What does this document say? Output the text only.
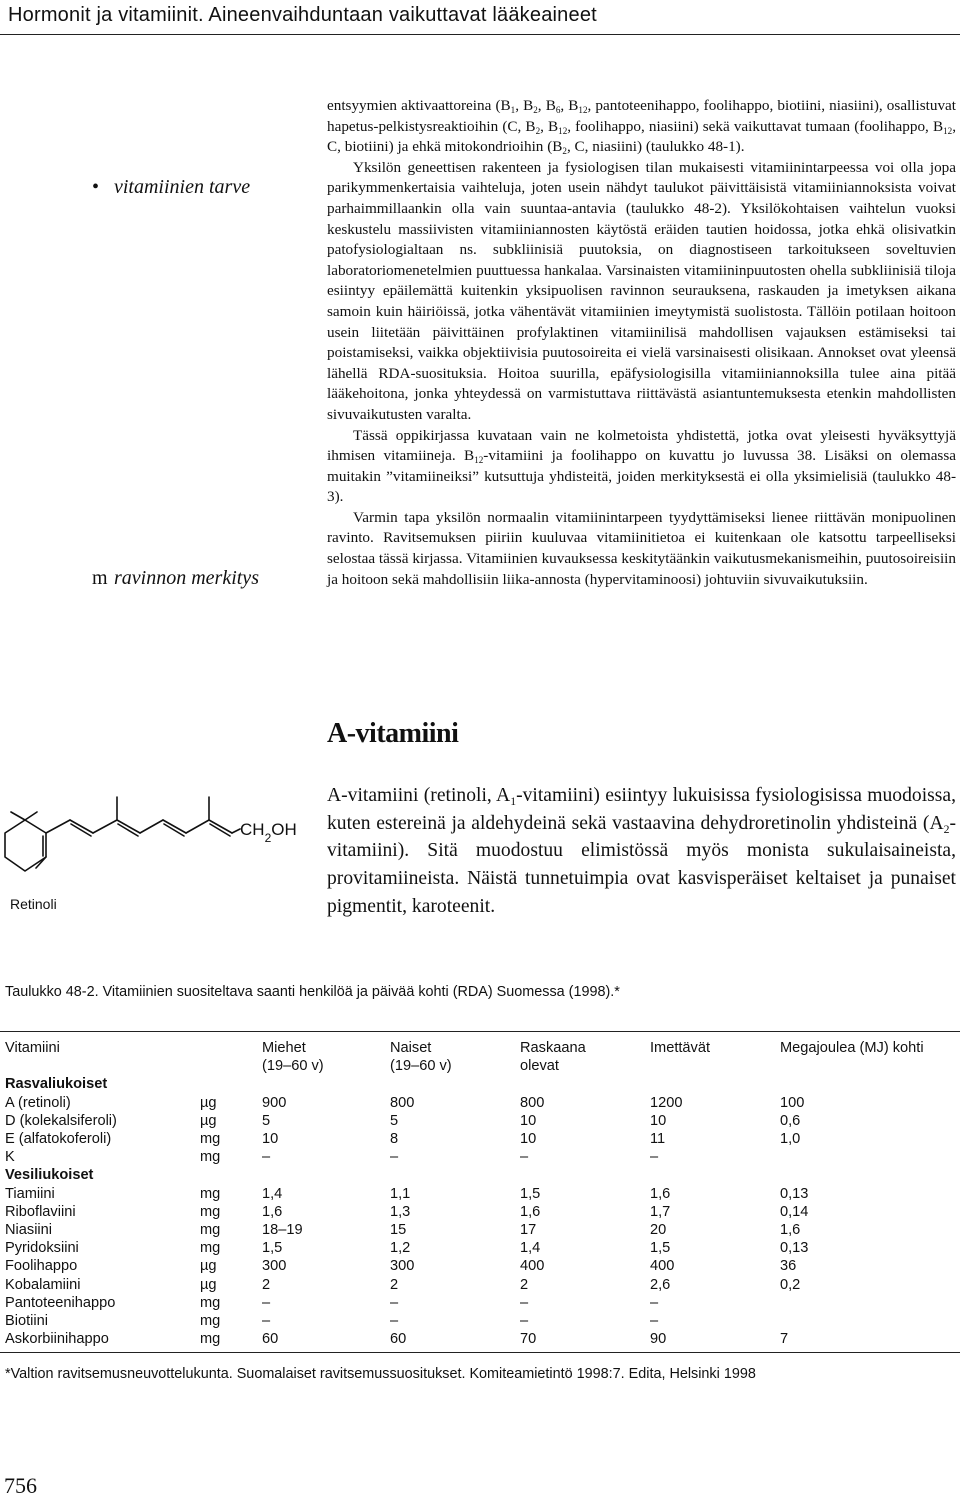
Hormonit ja vitamiinit. Aineenvaihduntaan vaikuttavat lääkeaineet
• vitamiinien tarve
m ravinnon merkitys

entsyymien aktivaattoreina ($B_1$, $B_2$, $B_6$, $B_{12}$, pantoteenihappo, foolihappo, biotiini, niasiini), osallistuvat hapetus-pelkistysreaktioihin (C, $B_2$, $B_{12}$, foolihappo, niasiini) sekä vaikuttavat tumaan (foolihappo, $B_{12}$, C, biotiini) ja ehkä mitokondrioihin ($B_2$, C, niasiini) (taulukko 48-1).

Yksilön geneettisen rakenteen ja fysiologisen tilan mukaisesti vitamiinintarpeessa voi olla jopa parikymmenkertaisia vaihteluja, joten usein nähdyt taulukot päivittäisistä vitamiiniannoksista voivat parhaimmillaankin olla vain suuntaa-antavia (taulukko 48-2). Yksilökohtaisen vaihtelun vuoksi keskustelu massiivisten vitamiiniannosten käytöstä eräiden tautien hoidossa, jotka ehkä olisivatkin patofysiologialtaan ns. subkliinisiä puutoksia, on diagnostiseen tarkoitukseen soveltuvien laboratoriomenetelmien puuttuessa hankalaa. Varsinaisten vitamiininpuutosten ohella subkliinisiä tiloja esiintyy epäilemättä kuitenkin yksipuolisen ravinnon seurauksena, raskauden ja imetyksen aikana samoin kuin häiriöissä, jotka vähentävät vitamiinien imeytymistä suolistosta. Tällöin potilaan hoitoon usein liitetään päivittäinen profylaktinen vitamiinilisä mahdollisen vajauksen estämiseksi tai poistamiseksi, vaikka objektiivisia puutosoireita ei vielä varsinaisesti olisikaan. Annokset ovat yleensä lähellä RDA-suosituksia. Hoitoa suurilla, epäfysiologisilla vitamiiniannoksilla tulee aina pitää lääkehoitona, jonka yhteydessä on varmistuttava riittävästä asiantuntemuksesta etenkin mahdollisten sivuvaikutusten varalta.

Tässä oppikirjassa kuvataan vain ne kolmetoista yhdistettä, jotka ovat yleisesti hyväksyttyjä ihmisen vitamiineja. $B_{12}$-vitamiini ja foolihappo on kuvattu jo luvussa 38. Lisäksi on olemassa muitakin ”vitamiineiksi” kutsuttuja yhdisteitä, joiden merkityksestä ei olla yksimielisiä (taulukko 48-3).

Varmin tapa yksilön normaalin vitamiinintarpeen tyydyttämiseksi lienee riittävän monipuolinen ravinto. Ravitsemuksen piiriin kuuluvaa vitamiinitietoa ei kuitenkaan ole katsottu tarpeelliseksi selostaa tässä kirjassa. Vitamiinien kuvauksessa keskitytäänkin vaikutusmekanismeihin, puutosoireisiin ja hoitoon sekä mahdollisiin liika-annosta (hypervitaminoosi) johtuviin sivuvaikutuksiin.

A-vitamiini
$CH_2OH$
Retinoli

A-vitamiini (retinoli, $A_1-vitamiini$) esiintyy lukuisissa fysiologisissa muodoissa, kuten estereinä ja aldehydeinä sekä vastaavina dehydroretinolin yhdisteinä $(A_2-vitamiini)$. Sitä muodostuu elimistössä myös monista sukulaisaineista, provitamiineista. Näistä tunnetuimpia ovat kasvisperäiset keltaiset ja punaiset pigmentit, karoteenit.

Taulukko 48-2. Vitamiinien suositeltava saanti henkilöä ja päivää kohti (RDA) Suomessa (1998).*
Vitamiini		Miehet	Naiset	Raskaana	Imettävät	Megajoulea (MJ) kohti
		(19–60 v)	(19–60 v)	olevat		
Rasvaliukoiset						
A (retinoli)	µg	900	800	800	1200	100
D (kolekalsiferoli)	µg	5	5	10	10	0,6
E (alfatokoferoli)	mg	10	8	10	11	1,0
K	mg	–	–	–	–	
Vesiliukoiset						
Tiamiini	mg	1,4	1,1	1,5	1,6	0,13
Riboflaviini	mg	1,6	1,3	1,6	1,7	0,14
Niasiini	mg	18–19	15	17	20	1,6
Pyridoksiini	mg	1,5	1,2	1,4	1,5	0,13
Foolihappo	µg	300	300	400	400	36
Kobalamiini	µg	2	2	2	2,6	0,2
Pantoteenihappo	mg	–	–	–	–	
Biotiini	mg	–	–	–	–	
Askorbiinihappo	mg	60	60	70	90	7
*Valtion ravitsemusneuvottelukunta. Suomalaiset ravitsemussuositukset. Komiteamietintö 1998:7. Edita, Helsinki 1998
756
